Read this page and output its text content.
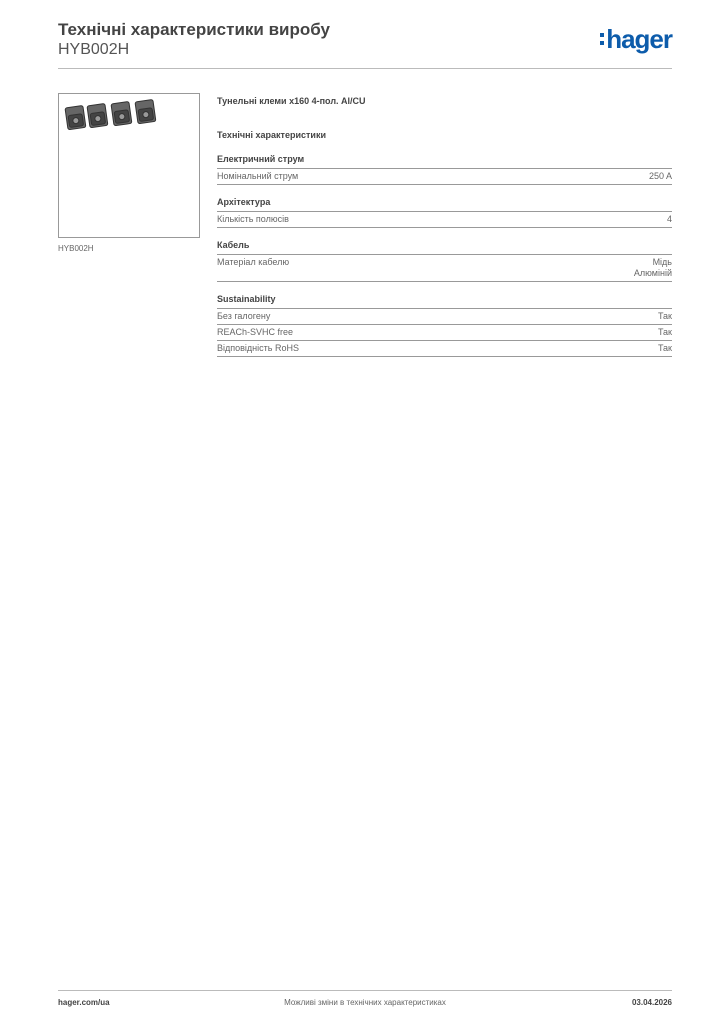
Технічні характеристики виробу
HYB002H	hager
HYB002H
Тунельні клеми x160 4-пол. Al/CU
Технічні характеристики
Електричний струм
Номінальний струм	250 A
Архітектура
Кількість полюсів	4
Кабель
Матеріал кабелю	Мідь
Алюміній
Sustainability
Без галогену	Так
REACh-SVHC free	Так
Відповідність RoHS	Так
hager.com/ua	Можливі зміни в технічних характеристиках	03.04.2026
